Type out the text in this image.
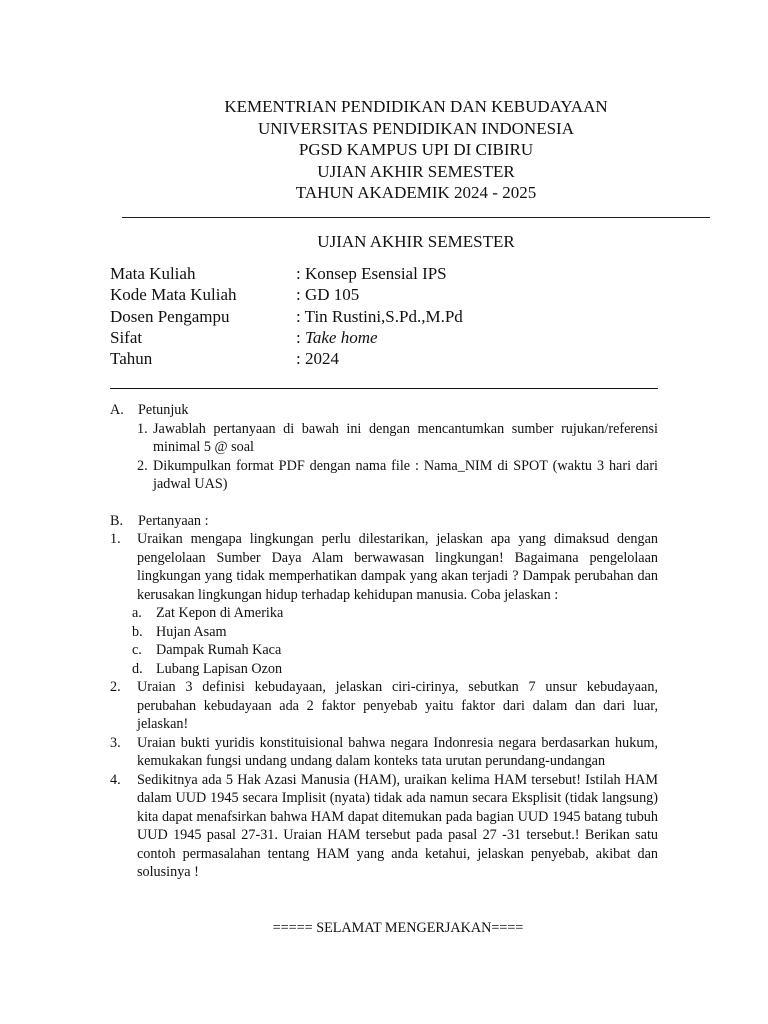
KEMENTRIAN PENDIDIKAN DAN KEBUDAYAAN
UNIVERSITAS PENDIDIKAN INDONESIA
PGSD KAMPUS UPI DI CIBIRU
UJIAN AKHIR SEMESTER
TAHUN AKADEMIK 2024 - 2025
UJIAN AKHIR SEMESTER
Mata Kuliah	: Konsep Esensial IPS
Kode Mata Kuliah	: GD 105
Dosen Pengampu	: Tin Rustini,S.Pd.,M.Pd
Sifat	: Take home
Tahun	: 2024
A. Petunjuk
1. Jawablah pertanyaan di bawah ini dengan mencantumkan sumber rujukan/referensi minimal 5 @ soal
2. Dikumpulkan format PDF dengan nama file : Nama_NIM di SPOT (waktu 3 hari dari jadwal UAS)
B. Pertanyaan :
1. Uraikan mengapa lingkungan perlu dilestarikan, jelaskan apa yang dimaksud dengan pengelolaan Sumber Daya Alam berwawasan lingkungan! Bagaimana pengelolaan lingkungan yang tidak memperhatikan dampak yang akan terjadi ? Dampak perubahan dan kerusakan lingkungan hidup terhadap kehidupan manusia. Coba jelaskan :
a. Zat Kepon di Amerika
b. Hujan Asam
c. Dampak Rumah Kaca
d. Lubang Lapisan Ozon
2. Uraian 3 definisi kebudayaan, jelaskan ciri-cirinya, sebutkan 7 unsur kebudayaan, perubahan kebudayaan ada 2 faktor penyebab yaitu faktor dari dalam dan dari luar, jelaskan!
3. Uraian bukti yuridis konstituisional bahwa negara Indonresia negara berdasarkan hukum, kemukakan fungsi undang undang dalam konteks tata urutan perundang-undangan
4. Sedikitnya ada 5 Hak Azasi Manusia (HAM), uraikan kelima HAM tersebut! Istilah HAM dalam UUD 1945 secara Implisit (nyata) tidak ada namun secara Eksplisit (tidak langsung) kita dapat menafsirkan bahwa HAM dapat ditemukan pada bagian UUD 1945 batang tubuh UUD 1945 pasal 27-31. Uraian HAM tersebut pada pasal 27 -31 tersebut.! Berikan satu contoh permasalahan tentang HAM yang anda ketahui, jelaskan penyebab, akibat dan solusinya !
===== SELAMAT MENGERJAKAN====
